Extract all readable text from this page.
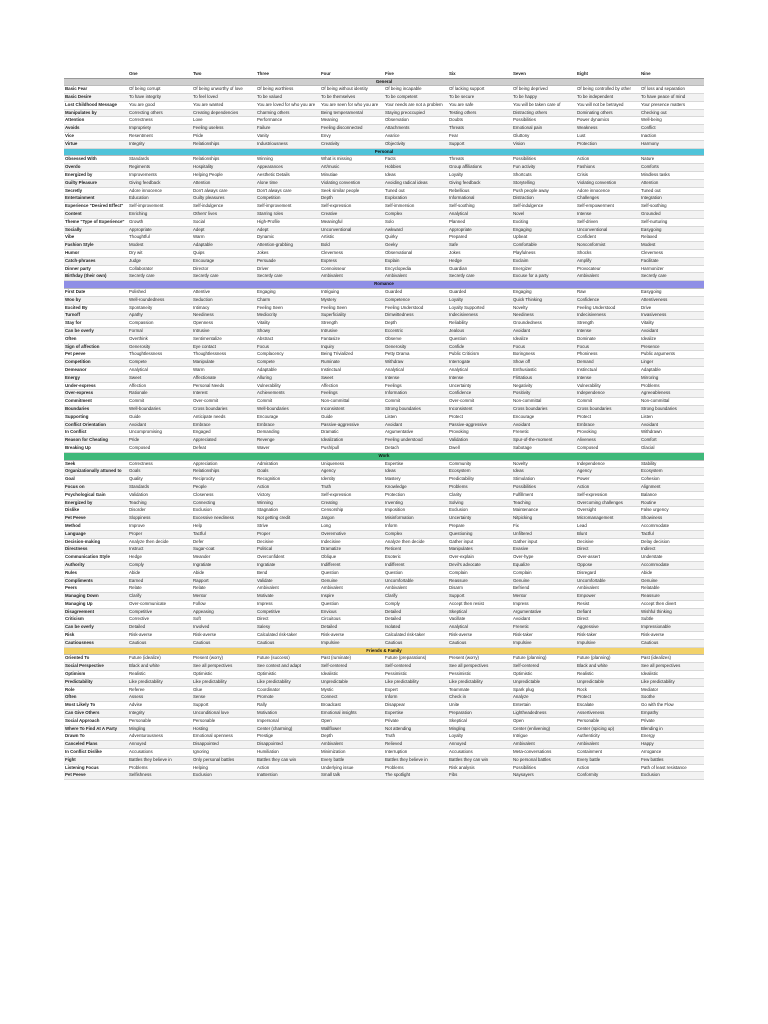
One	Two	Three	Four	Five	Six	Seven	Eight	Nine
General
Basic Fear	Of being corrupt	Of being unworthy of love	Of being worthless	Of being without identity	Of being incapable	Of lacking support	Of being deprived	Of being controlled by other	Of loss and separation
Basic Desire	To have integrity	To feel loved	To be valued	To be themselves	To be competent	To be secure	To be happy	To be independent	To have peace of mind
Lost Childhood Message	You are good	You are wanted	You are loved for who you are	You are seen for who you are	Your needs are not a problem	You are safe	You will be taken care of	You will not be betrayed	Your presence matters
Manipulates by	Correcting others	Creating dependencies	Charming others	Being temperamental	Staying preoccupied	Testing others	Distracting others	Dominating others	Checking out
Attention	Correctness	Love	Performance	Meaning	Observation	Doubts	Possibilities	Power dynamics	Well-being
Avoids	Impropriety	Feeling useless	Failure	Feeling disconnected	Attachments	Threats	Emotional pain	Weakness	Conflict
Vice	Resentment	Pride	Vanity	Envy	Avarice	Fear	Gluttony	Lust	Inaction
Virtue	Integrity	Relationships	Industriousness	Creativity	Objectivity	Support	Vision	Protection	Harmony
Personal
Obsessed With	Standards	Relationships	Winning	What is missing	Facts	Threats	Possibilities	Action	Nature
Overdo	Regiments	Hospitality	Appearances	Art/music	Hobbies	Group affiliations	Fun activity	Fashions	Comforts
Energized by	Improvements	Helping People	Aesthetic Details	Minutiae	Ideas	Loyalty	Shortcuts	Crisis	Mindless tasks
Guilty Pleasure	Giving feedback	Attention	Alone time	Violating convention	Avoiding radical ideas	Giving feedback	Storytelling	Violating convention	Attention
Secretly	Adore innocence	Don't always care	Don't always care	Seek similar people	Tuned out	Rebellious	Push people away	Adore innocence	Tuned out
Entertainment	Education	Guilty pleasures	Competition	Depth	Exploration	Informational	Distraction	Challenges	Integration
Experience "Desired Effect"	Self-improvement	Self-indulgence	Self-improvement	Self-expression	Self-immersion	Self-soothing	Self-indulgence	Self-empowerment	Self-soothing
Content	Enriching	Others' lives	Starring roles	Creative	Complex	Analytical	Novel	Intense	Grounded
Theme "Type of Experience"	Growth	Social	High-Profile	Meaningful	Solo	Planned	Exciting	Self-driven	Self-nurturing
Socially	Appropriate	Adept	Adept	Unconventional	Awkward	Appropriate	Engaging	Unconventional	Easygoing
Vibe	Thoughtful	Warm	Dynamic	Artistic	Quirky	Prepared	Upbeat	Confident	Relaxed
Fashion Style	Modest	Adaptable	Attention-grabbing	Bold	Geeky	Safe	Comfortable	Nonconformist	Modest
Humor	Dry wit	Quips	Jokes	Cleverness	Observational	Jokes	Playfulness	Shocks	Cleverness
Catch-phrases	Judge	Encourage	Persuade	Express	Explain	Hedge	Exclaim	Amplify	Facilitate
Dinner party	Collaborator	Director	Driver	Connoisseur	Encyclopedia	Guardian	Energizer	Provocateur	Harmonizer
Birthday (their own)	Secretly care	Secretly care	Secretly care	Ambivalent	Ambivalent	Secretly care	Excuse for a party	Ambivalent	Secretly care
Romance
First Date	Polished	Attentive	Engaging	Intriguing	Guarded	Guarded	Engaging	Raw	Easygoing
Woo by	Well-roundedness	Seduction	Charm	Mystery	Competence	Loyalty	Quick Thinking	Confidence	Attentiveness
Excited By	Spontaneity	Intimacy	Feeling Seen	Feeling Seen	Feeling Understood	Loyalty Supported	Novelty	Feeling Understood	Drive
Turnoff	Apathy	Neediness	Mediocrity	Superficiality	Dimwittedness	Indecisiveness	Neediness	Indecisiveness	Invasiveness
Stay for	Compassion	Openness	Vitality	Strength	Depth	Reliability	Groundedness	Strength	Vitality
Can be overly	Formal	Intrusive	Showy	Intrusive	Eccentric	Jealous	Avoidant	Intense	Avoidant
Often	Overthink	Sentimentalize	Abstract	Fantasize	Observe	Question	Idealize	Dominate	Idealize
Sign of affection	Generosity	Eye contact	Focus	Inquiry	Generosity	Confide	Focus	Focus	Presence
Pet peeve	Thoughtlessness	Thoughtlessness	Complacency	Being Trivialized	Petty Drama	Public Criticism	Boringness	Phoniness	Public arguments
Competition	Compete	Manipulate	Compete	Ruminate	Withdraw	Interrogate	Show off	Demand	Linger
Demeanor	Analytical	Warm	Adaptable	Instinctual	Analytical	Analytical	Enthusiastic	Instinctual	Adaptable
Energy	Sweet	Affectionate	Alluring	Sweet	Intense	Intense	Flirtatious	Intense	Mirroring
Under-express	Affection	Personal Needs	Vulnerability	Affection	Feelings	Uncertainty	Negativity	Vulnerability	Problems
Over-express	Rationale	Interest	Achievements	Feelings	Information	Confidence	Positivity	Independence	Agreeableness
Commitment	Commit	Over-commit	Commit	Non-committal	Commit	Over-commit	Non-committal	Commit	Non-committal
Boundaries	Well-boundaries	Cross boundaries	Well-boundaries	Inconsistent	Strong boundaries	Inconsistent	Cross boundaries	Cross boundaries	Strong boundaries
Supporting	Guide	Anticipate needs	Encourage	Guide	Listen	Protect	Encourage	Protect	Listen
Conflict Orientation	Avoidant	Embrace	Embrace	Passive-aggressive	Avoidant	Passive-aggressive	Avoidant	Embrace	Avoidant
In Conflict	Uncompromising	Engaged	Demanding	Dramatic	Argumentative	Provoking	Frenetic	Provoking	Withdrawn
Reason for Cheating	Pride	Appreciated	Revenge	Idealization	Feeling understood	Validation	Spur-of-the-moment	Aliveness	Comfort
Breaking Up	Composed	Defeat	Waver	Push/pull	Detach	Dwell	Sabotage	Composed	Glacial
Work
Seek	Correctness	Appreciation	Admiration	Uniqueness	Expertise	Community	Novelty	Independence	Stability
Organizationally attuned to	Goals	Relationships	Goals	Agency	Ideas	Ecosystem	Ideas	Agency	Ecosystem
Goal	Quality	Reciprocity	Recognition	Identity	Mastery	Predictability	Stimulation	Power	Cohesion
Focus on	Standards	People	Action	Truth	Knowledge	Problems	Possibilities	Action	Alignment
Psychological Gain	Validation	Closeness	Victory	Self-expression	Protection	Clarity	Fulfillment	Self-expression	Balance
Energized by	Teaching	Connecting	Winning	Creating	Inventing	Solving	Teaching	Overcoming challenges	Routine
Dislike	Disorder	Exclusion	Stagnation	Censorship	Imposition	Exclusion	Maintenance	Oversight	False urgency
Pet Peeve	Sloppiness	Excessive neediness	Not getting credit	Jargon	Misinformation	Uncertainty	Nitpicking	Micromanagement	Showiness
Method	Improve	Help	Strive	Long	Inform	Prepare	Fix	Lead	Accommodate
Language	Proper	Tactful	Proper	Overemotive	Complex	Questioning	Unfiltered	Blunt	Tactful
Decision-making	Analyze then decide	Defer	Decisive	Indecisive	Analyze then decide	Gather input	Gather input	Decisive	Delay decision
Directness	Instruct	Sugar-coat	Political	Dramatize	Reticent	Manipulates	Evasive	Direct	Indirect
Communication Style	Hedge	Meander	Overconfident	Oblique	Esoteric	Over-explain	Over-hype	Over-assert	Understate
Authority	Comply	Ingratiate	Ingratiate	Indifferent	Indifferent	Devil's advocate	Equalize	Oppose	Accommodate
Rules	Abide	Abide	Bend	Question	Question	Complain	Complain	Disregard	Abide
Compliments	Earned	Rapport	Validate	Genuine	Uncomfortable	Reassure	Genuine	Uncomfortable	Genuine
Peers	Relate	Relate	Ambivalent	Ambivalent	Ambivalent	Disarm	Befriend	Ambivalent	Relatable
Managing Down	Clarify	Mentor	Motivate	Inspire	Clarify	Support	Mentor	Empower	Reassure
Managing Up	Over-communicate	Follow	Impress	Question	Comply	Accept then resist	Impress	Resist	Accept then divert
Disagreement	Competitive	Appeasing	Competitive	Envious	Detailed	Skeptical	Argumentative	Defiant	Wishful thinking
Criticism	Corrective	Soft	Direct	Circuitous	Detailed	Vacillate	Avoidant	Direct	Subtle
Can be overly	Detailed	Involved	Salesy	Detailed	Isolated	Analytical	Frenetic	Aggressive	Impressionable
Risk	Risk-averse	Risk-averse	Calculated risk-taker	Risk-averse	Calculated risk-taker	Risk-averse	Risk-taker	Risk-taker	Risk-averse
Cautiousness	Cautious	Cautious	Cautious	Impulsive	Cautious	Cautious	Impulsive	Impulsive	Cautious
Friends & Family
Oriented To	Future (idealize)	Present (worry)	Future (success)	Past (ruminate)	Future (preparations)	Present (worry)	Future (planning)	Future (planning)	Past (idealizes)
Social Perspective	Black and white	See all perspectives	See context and adapt	Self-centered	Self-centered	See all perspectives	Self-centered	Black and white	See all perspectives
Optimism	Realistic	Optimistic	Optimistic	Idealistic	Pessimistic	Pessimistic	Optimistic	Realistic	Idealistic
Predictability	Like predictability	Like predictability	Like predictability	Unpredictable	Like predictability	Like predictability	Unpredictable	Unpredictable	Like predictability
Role	Referee	Glue	Coordinator	Mystic	Expert	Teammate	Spark plug	Rock	Mediator
Often	Assess	Sense	Promote	Connect	Inform	Check in	Analyze	Protect	Soothe
Most Likely To	Advise	Support	Rally	Broadcast	Disappear	Unite	Entertain	Escalate	Go with the Flow
Can Give Others	Integrity	Unconditional love	Motivation	Emotional insights	Expertise	Preparation	Lightheadedness	Assertiveness	Empathy
Social Approach	Personable	Personable	Impersonal	Open	Private	Skeptical	Open	Personable	Private
Where To Find At A Party	Mingling	Hosting	Center (charming)	Wallflower	Not attending	Mingling	Center (enlivening)	Center (spicing up)	Blending in
Drawn To	Adventurousness	Emotional openness	Prestige	Depth	Truth	Loyalty	Intrigue	Authenticity	Energy
Canceled Plans	Annoyed	Disappointed	Disappointed	Ambivalent	Relieved	Annoyed	Ambivalent	Ambivalent	Happy
In Conflict Dislike	Accusations	Ignoring	Humiliation	Minimization	Interruption	Accusations	Meta-conversations	Containment	Arrogance
Fight	Battles they believe in	Only personal battles	Battles they can win	Every battle	Battles they believe in	Battles they can win	No personal battles	Every battle	Few battles
Listening Focus	Problems	Helping	Action	Underlying issue	Problems	Risk analysis	Possibilities	Action	Path of least resistance
Pet Peeve	Selfishness	Exclusion	Inattention	Small talk	The spotlight	Fibs	Naysayers	Conformity	Exclusion
